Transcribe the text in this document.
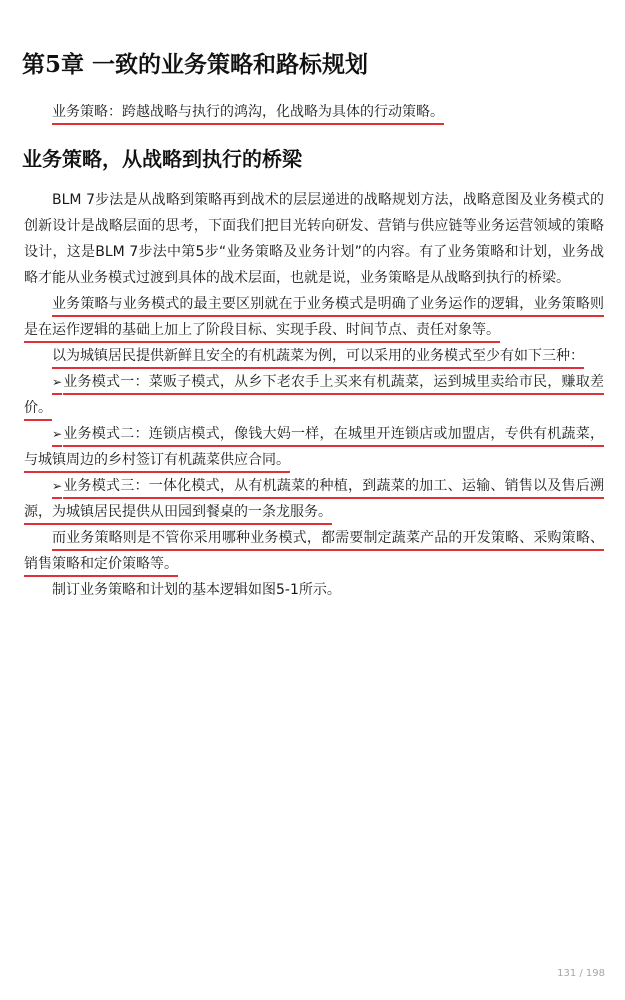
第5章 一致的业务策略和路标规划
业务策略：跨越战略与执行的鸿沟，化战略为具体的行动策略。
业务策略，从战略到执行的桥梁

BLM 7步法是从战略到策略再到战术的层层递进的战略规划方法，战略意图及业务模式的创新设计是战略层面的思考，下面我们把目光转向研发、营销与供应链等业务运营领域的策略设计，这是BLM 7步法中第5步“业务策略及业务计划”的内容。有了业务策略和计划，业务战略才能从业务模式过渡到具体的战术层面，也就是说，业务策略是从战略到执行的桥梁。

业务策略与业务模式的最主要区别就在于业务模式是明确了业务运作的逻辑，业务策略则是在运作逻辑的基础上加上了阶段目标、实现手段、时间节点、责任对象等。

以为城镇居民提供新鲜且安全的有机蔬菜为例，可以采用的业务模式至少有如下三种：

➢业务模式一：菜贩子模式，从乡下老农手上买来有机蔬菜，运到城里卖给市民，赚取差价。

➢业务模式二：连锁店模式，像钱大妈一样，在城里开连锁店或加盟店，专供有机蔬菜，与城镇周边的乡村签订有机蔬菜供应合同。

➢业务模式三：一体化模式，从有机蔬菜的种植，到蔬菜的加工、运输、销售以及售后溯源，为城镇居民提供从田园到餐桌的一条龙服务。

而业务策略则是不管你采用哪种业务模式，都需要制定蔬菜产品的开发策略、采购策略、销售策略和定价策略等。

制订业务策略和计划的基本逻辑如图5-1所示。

131 / 198
